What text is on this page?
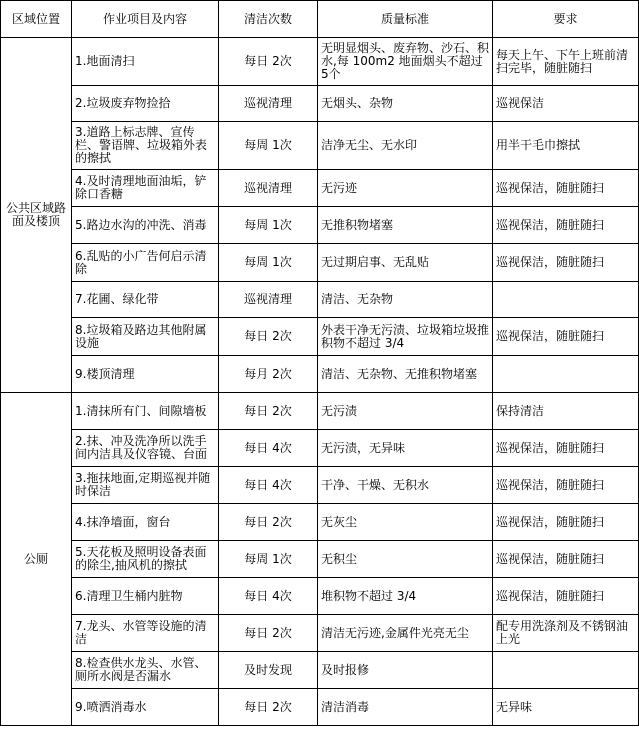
区域位置	作业项目及内容	清洁次数	质量标准	要求
公共区域路面及楼顶	1.地面清扫	每日 2次	无明显烟头、废弃物、沙石、积水,每 100m2 地面烟头不超过 5个	每天上午、下午上班前清扫完毕，随脏随扫
	2.垃圾废弃物捡拾	巡视清理	无烟头、杂物	巡视保洁
	3.道路上标志牌、宣传栏、警语牌、垃圾箱外表的擦拭	每周 1次	洁净无尘、无水印	用半干毛巾擦拭
	4.及时清理地面油垢，铲除口香糖	巡视清理	无污迹	巡视保洁，随脏随扫
	5.路边水沟的冲洗、消毒	每周 1次	无推积物堵塞	巡视保洁，随脏随扫
	6.乱贴的小广告何启示清除	每周 1次	无过期启事、无乱贴	巡视保洁，随脏随扫
	7.花圃、绿化带	巡视清理	清洁、无杂物	
	8.垃圾箱及路边其他附属设施	每日 2次	外表干净无污渍、垃圾箱垃圾推积物不超过 3/4	巡视保洁，随脏随扫
	9.楼顶清理	每月 2次	清洁、无杂物、无推积物堵塞	
公厕	1.清抹所有门、间隙墙板	每日 2次	无污渍	保持清洁
	2.抹、冲及洗净所以洗手间内洁具及仪容镜、台面	每日 4次	无污渍，无异味	巡视保洁，随脏随扫
	3.拖抹地面,定期巡视并随时保洁	每日 4次	干净、干燥、无积水	巡视保洁，随脏随扫
	4.抹净墙面，窗台	每日 2次	无灰尘	巡视保洁，随脏随扫
	5.天花板及照明设备表面的除尘,抽风机的擦拭	每周 1次	无积尘	巡视保洁，随脏随扫
	6.清理卫生桶内脏物	每日 4次	堆积物不超过 3/4	巡视保洁，随脏随扫
	7.龙头、水管等设施的清洁	每日 2次	清洁无污迹,金属件光亮无尘	配专用洗涤剂及不锈钢油上光
	8.检查供水龙头、水管、厕所水阀是否漏水	及时发现	及时报修	
	9.喷洒消毒水	每日 2次	清洁消毒	无异味
